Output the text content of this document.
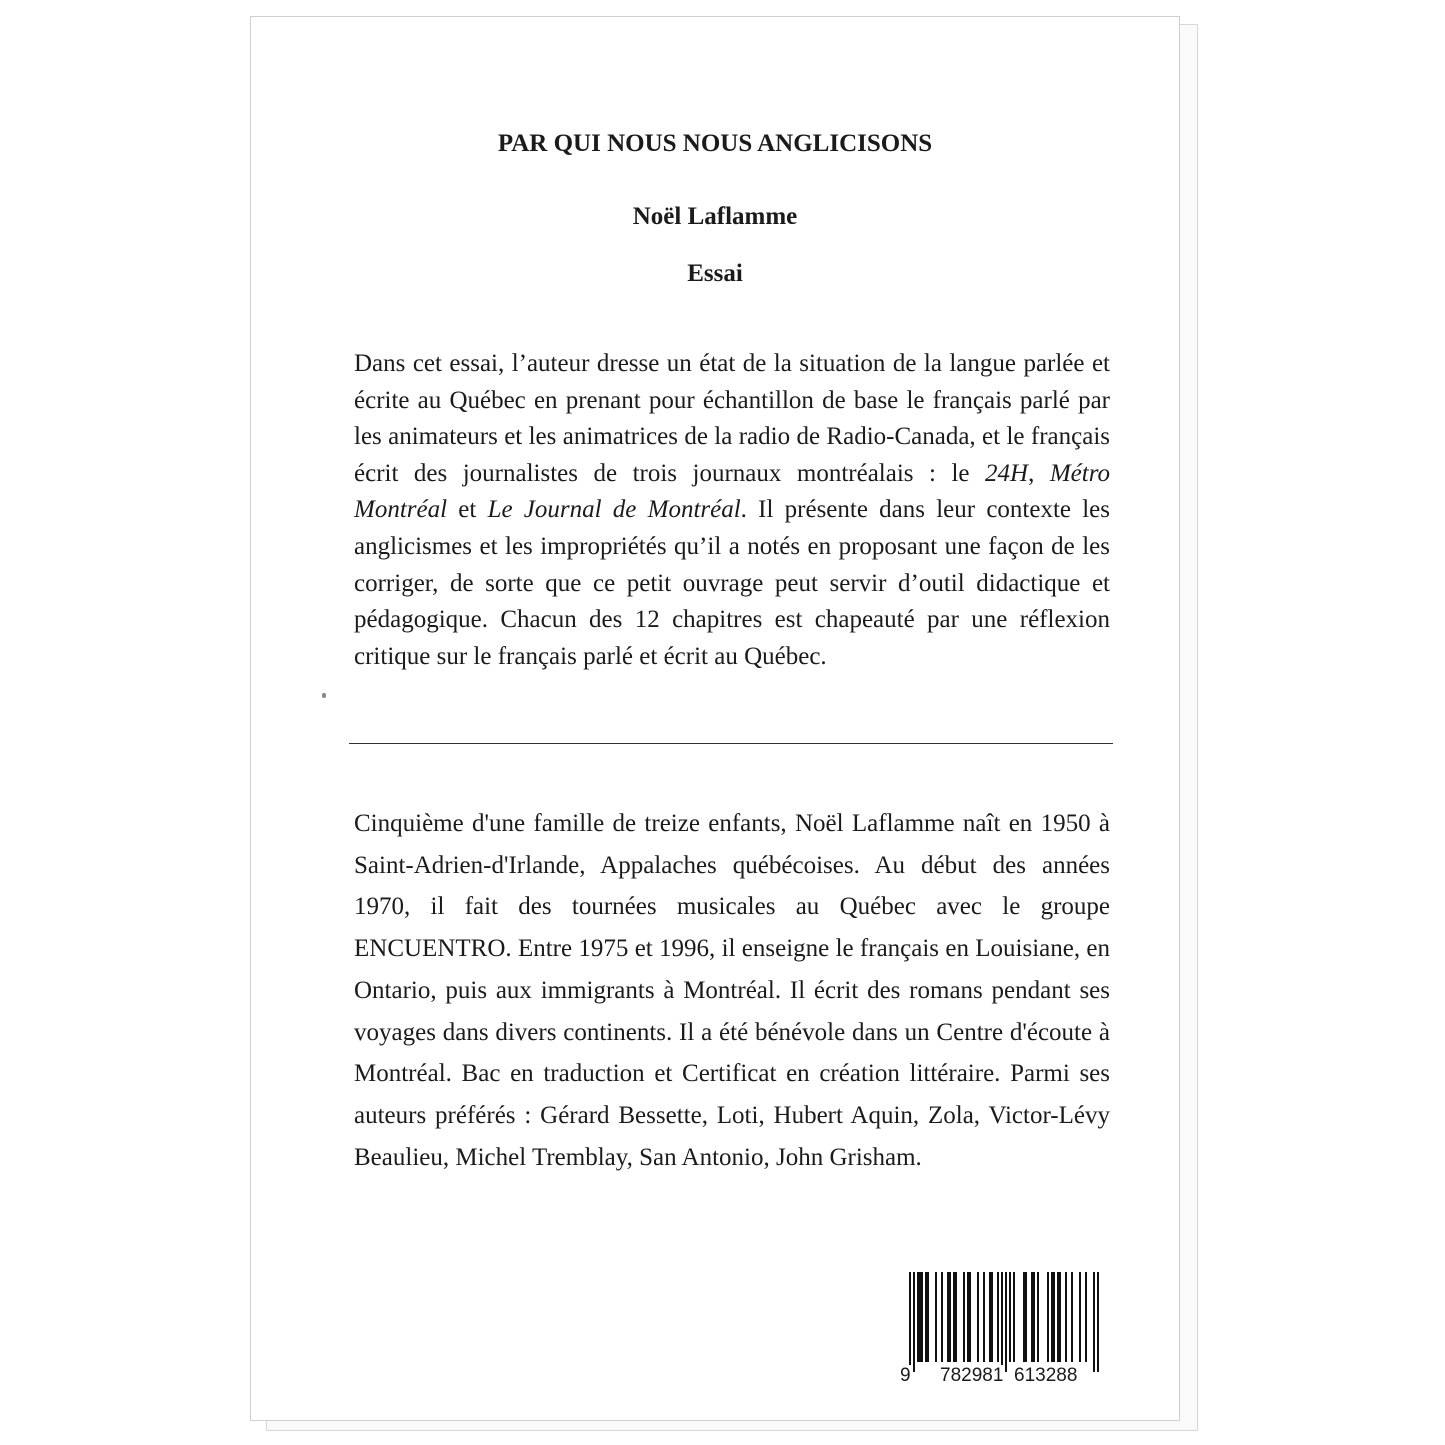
PAR QUI NOUS NOUS ANGLICISONS
Noël Laflamme
Essai

Dans cet essai, l’auteur dresse un état de la situation de la langue parlée et écrite au Québec en prenant pour échantillon de base le français parlé par les animateurs et les animatrices de la radio de Radio-Canada, et le français écrit des journalistes de trois journaux montréalais : le 24H, Métro Montréal et Le Journal de Montréal. Il présente dans leur contexte les anglicismes et les impropriétés qu’il a notés en proposant une façon de les corriger, de sorte que ce petit ouvrage peut servir d’outil didactique et pédagogique. Chacun des 12 chapitres est chapeauté par une réflexion critique sur le français parlé et écrit au Québec.

Cinquième d'une famille de treize enfants, Noël Laflamme naît en 1950 à Saint-Adrien-d'Irlande, Appalaches québécoises. Au début des années 1970, il fait des tournées musicales au Québec avec le groupe ENCUENTRO. Entre 1975 et 1996, il enseigne le français en Louisiane, en Ontario, puis aux immigrants à Montréal. Il écrit des romans pendant ses voyages dans divers continents. Il a été bénévole dans un Centre d'écoute à Montréal. Bac en traduction et Certificat en création littéraire. Parmi ses auteurs préférés : Gérard Bessette, Loti, Hubert Aquin, Zola, Victor-Lévy Beaulieu, Michel Tremblay, San Antonio, John Grisham.

9 782981 613288
